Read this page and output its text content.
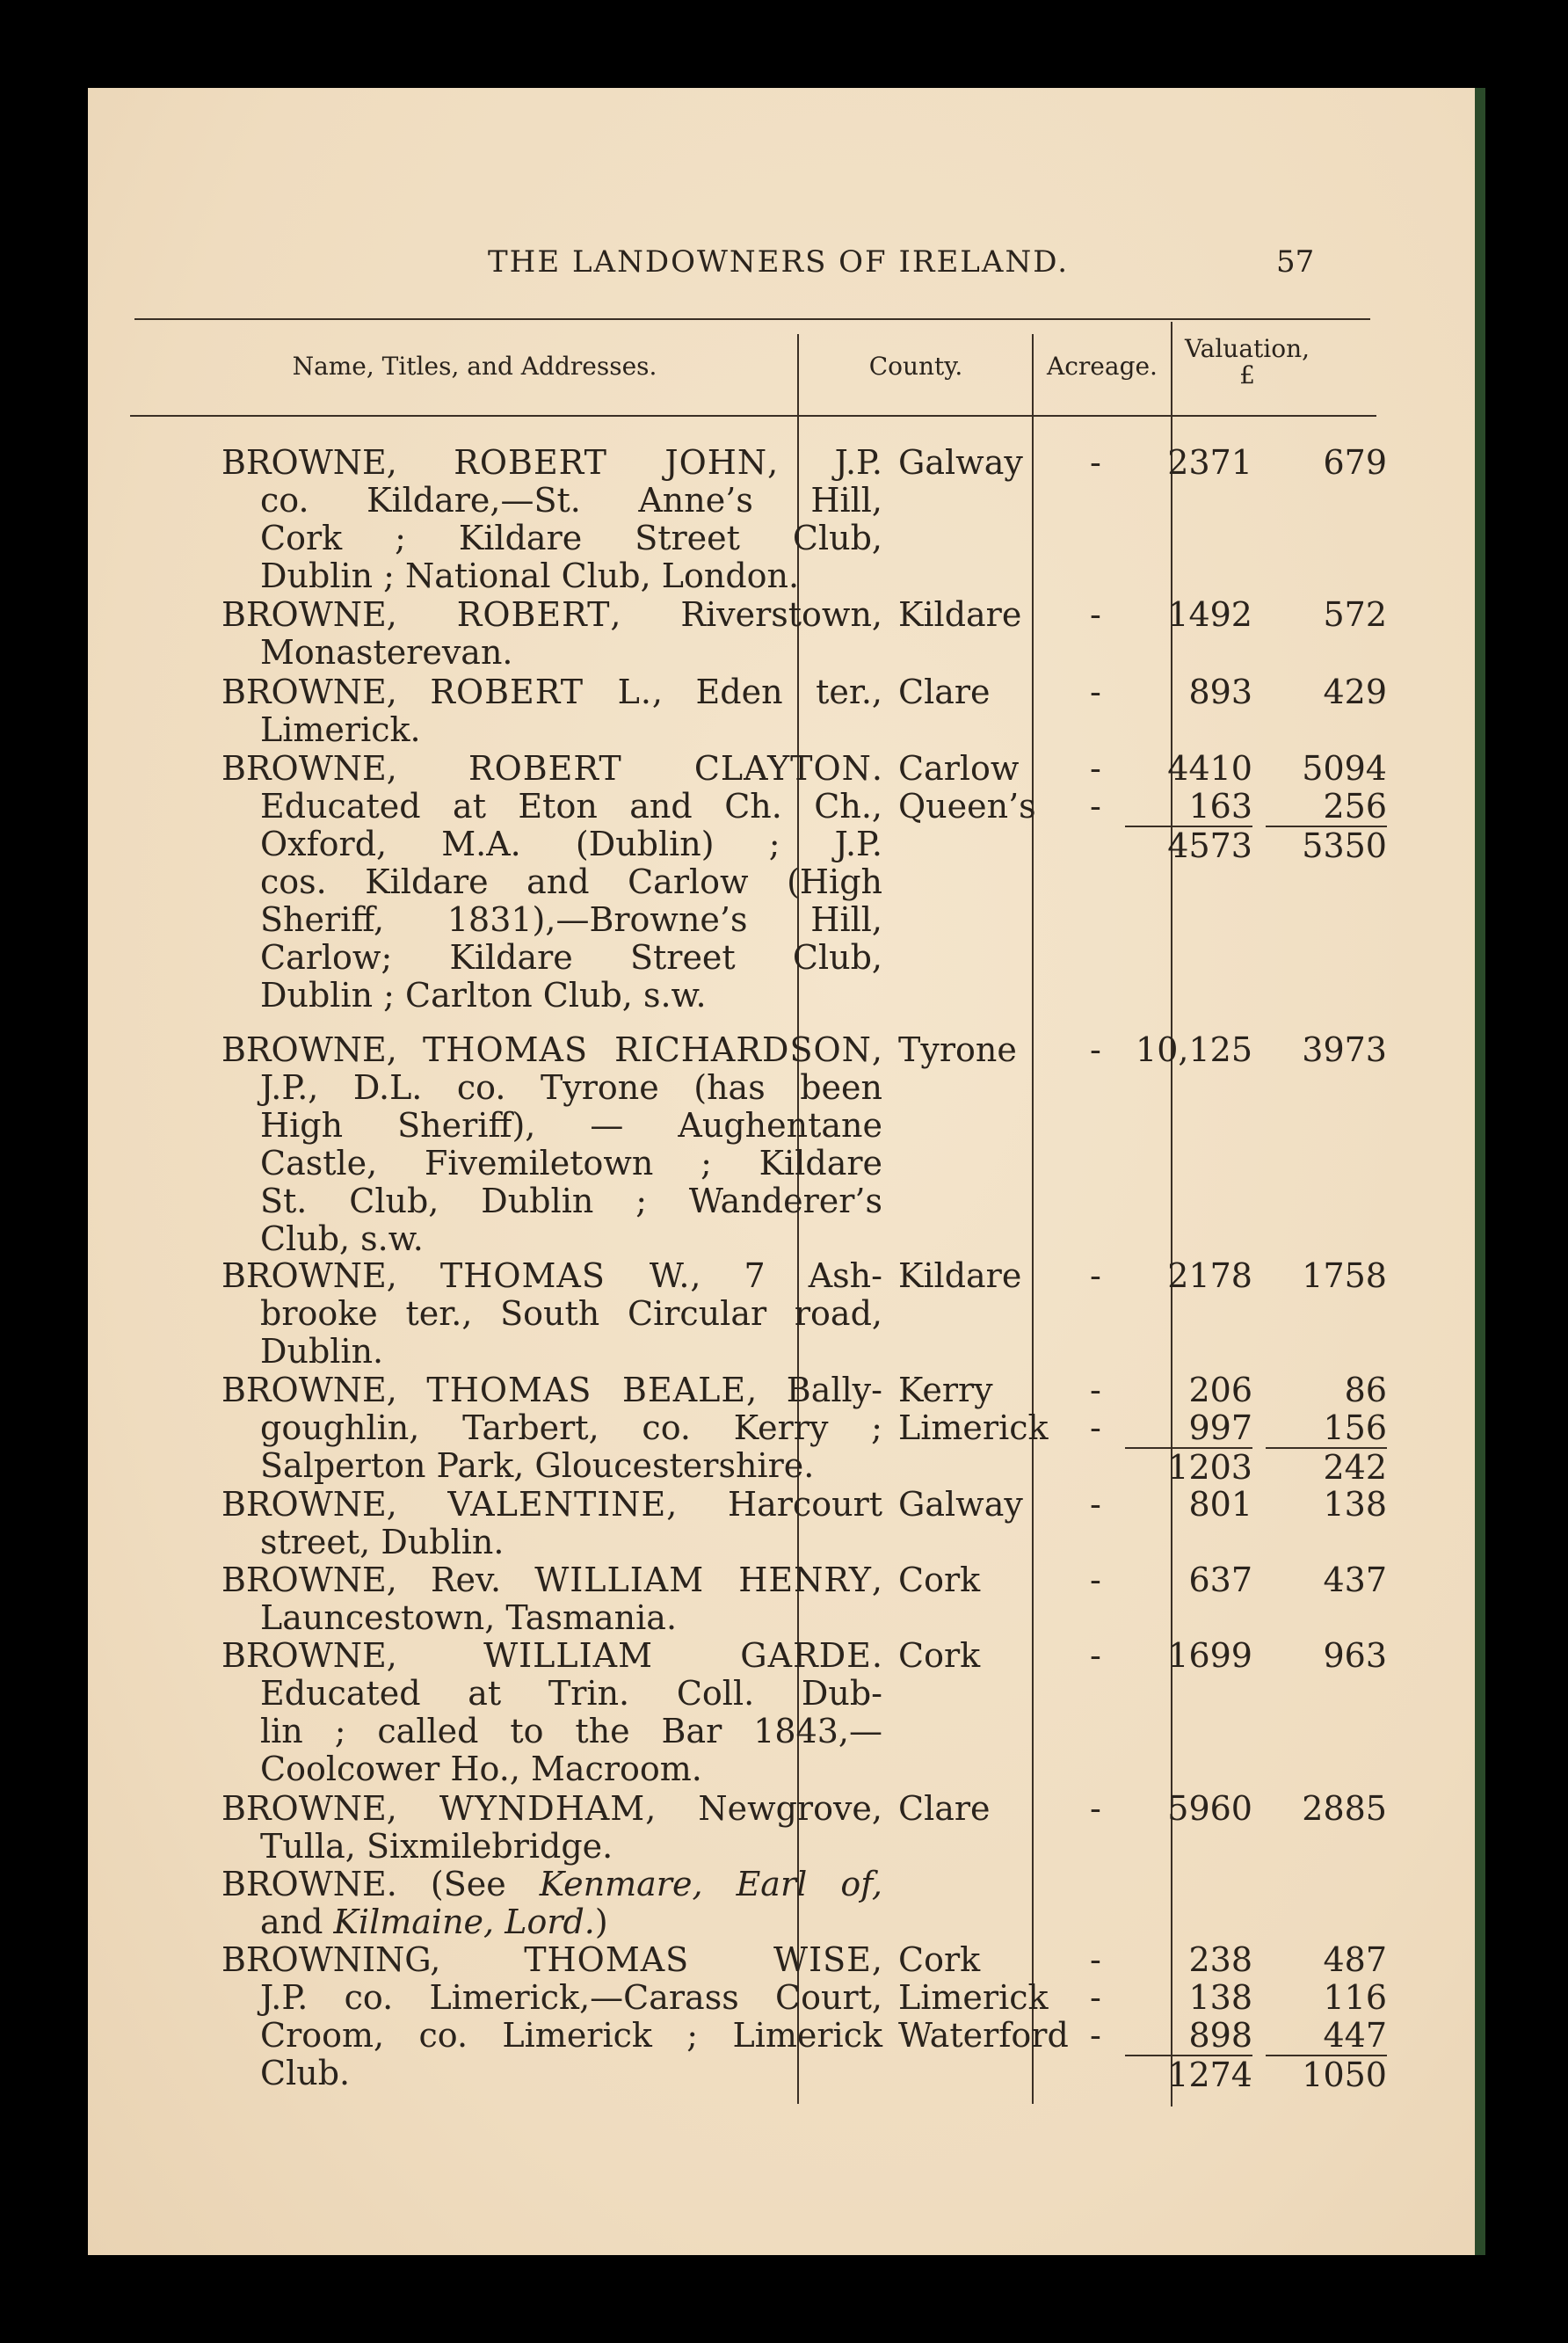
THE LANDOWNERS OF IRELAND.	57
Name, Titles, and Addresses.	County.	Acreage.
Valuation,
£
BROWNE, ROBERT JOHN, J.P.
co. Kildare,—St. Anne’s Hill,
Cork ; Kildare Street Club,
Dublin ; National Club, London.
Galway	-	2371	679
BROWNE, ROBERT, Riverstown,
Monasterevan.
Kildare	-	1492	572
BROWNE, ROBERT L., Eden ter.,
Limerick.
Clare	-	893	429
BROWNE, ROBERT CLAYTON.
Educated at Eton and Ch. Ch.,
Oxford, M.A. (Dublin) ; J.P.
cos. Kildare and Carlow (High
Sheriff, 1831),—Browne’s Hill,
Carlow; Kildare Street Club,
Dublin ; Carlton Club, s.w.
Carlow	-	4410	5094
Queen’s	-	163	256
4573	5350
BROWNE, THOMAS RICHARDSON,
J.P., D.L. co. Tyrone (has been
High Sheriff), — Aughentane
Castle, Fivemiletown ; Kildare
St. Club, Dublin ; Wanderer’s
Club, s.w.
Tyrone	-	10,125	3973
BROWNE, THOMAS W., 7 Ash-
brooke ter., South Circular road,
Dublin.
Kildare	-	2178	1758
BROWNE, THOMAS BEALE, Bally-
goughlin, Tarbert, co. Kerry ;
Salperton Park, Gloucestershire.
Kerry	-	206	86
Limerick	-	997	156
1203	242
BROWNE, VALENTINE, Harcourt
street, Dublin.
Galway	-	801	138
BROWNE, Rev. WILLIAM HENRY,
Launcestown, Tasmania.
Cork	-	637	437
BROWNE, WILLIAM GARDE.
Educated at Trin. Coll. Dub-
lin ; called to the Bar 1843,—
Coolcower Ho., Macroom.
Cork	-	1699	963
BROWNE, WYNDHAM, Newgrove,
Tulla, Sixmilebridge.
Clare	-	5960	2885
BROWNE. (See Kenmare, Earl of,
and Kilmaine, Lord.)
BROWNING, THOMAS WISE,
J.P. co. Limerick,—Carass Court,
Croom, co. Limerick ; Limerick
Club.
Cork	-	238	487
Limerick	-	138	116
Waterford -	898	447
1274	1050
